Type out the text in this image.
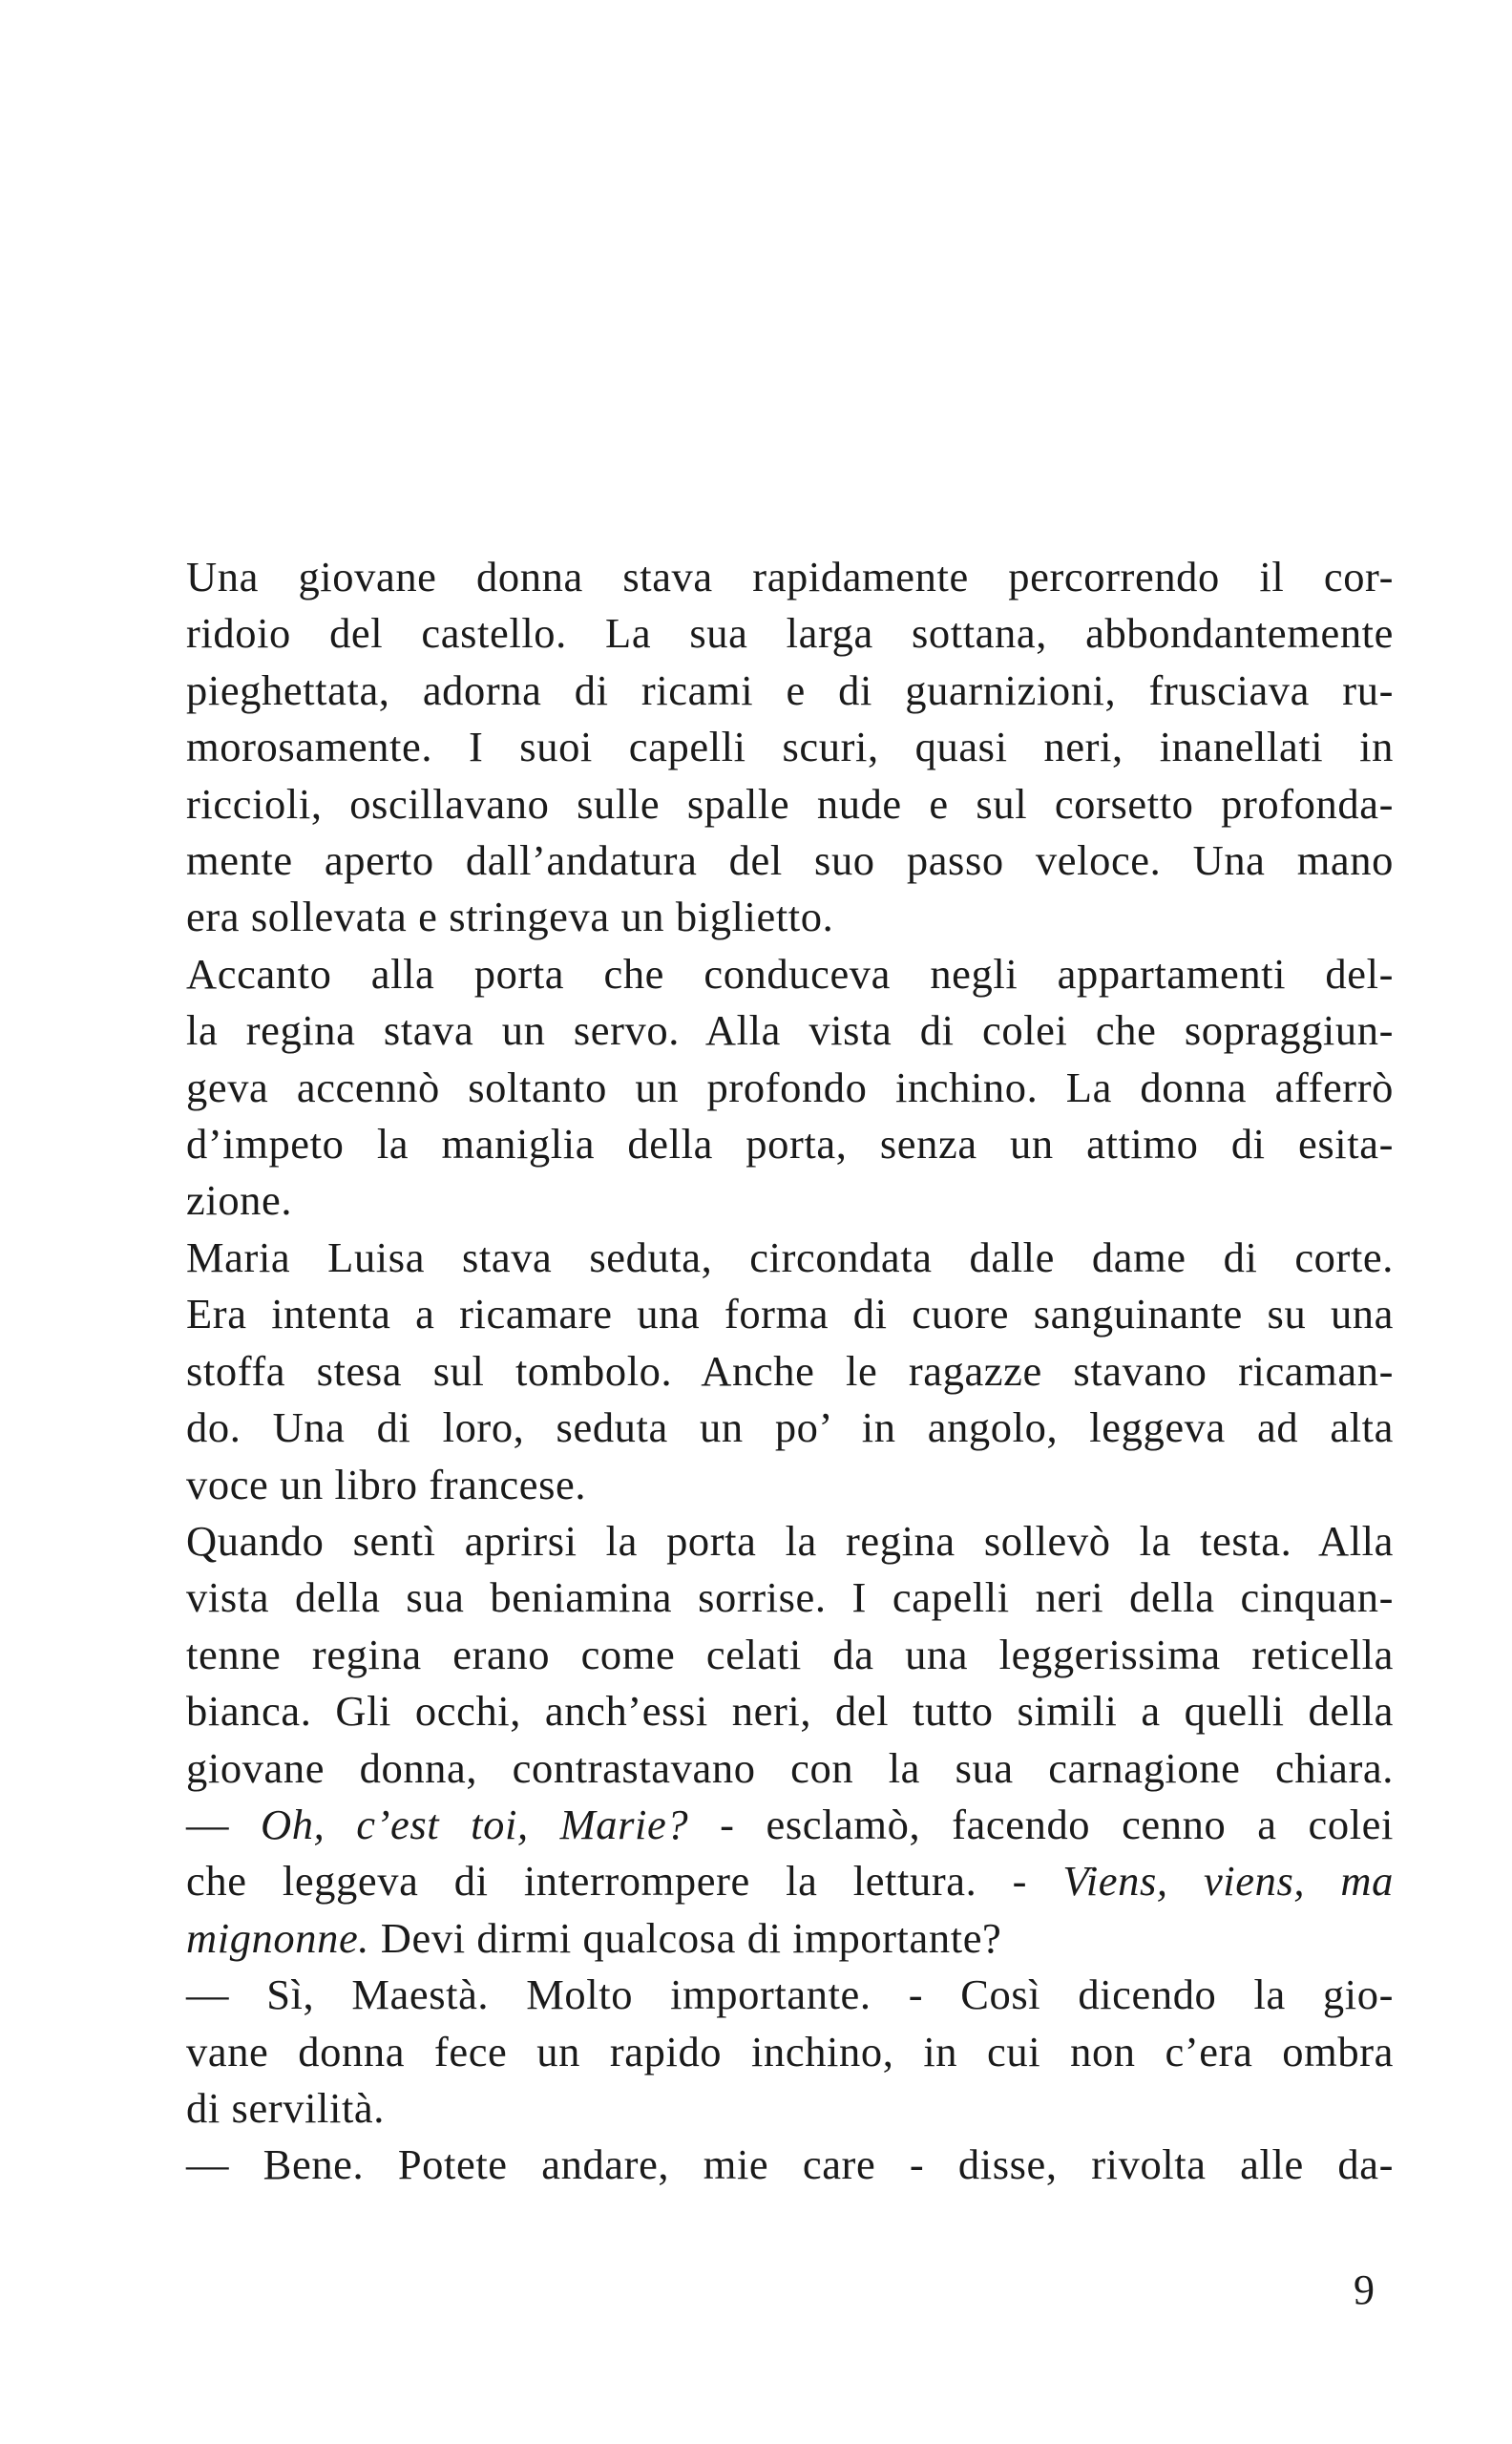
Una giovane donna stava rapidamente percorrendo il cor-
ridoio del castello. La sua larga sottana, abbondantemente
pieghettata, adorna di ricami e di guarnizioni, frusciava ru-
morosamente. I suoi capelli scuri, quasi neri, inanellati in
riccioli, oscillavano sulle spalle nude e sul corsetto profonda-
mente aperto dall’andatura del suo passo veloce. Una mano
era sollevata e stringeva un biglietto.
Accanto alla porta che conduceva negli appartamenti del-
la regina stava un servo. Alla vista di colei che sopraggiun-
geva accennò soltanto un profondo inchino. La donna afferrò
d’impeto la maniglia della porta, senza un attimo di esita-
zione.
Maria Luisa stava seduta, circondata dalle dame di corte.
Era intenta a ricamare una forma di cuore sanguinante su una
stoffa stesa sul tombolo. Anche le ragazze stavano ricaman-
do. Una di loro, seduta un po’ in angolo, leggeva ad alta
voce un libro francese.
Quando sentì aprirsi la porta la regina sollevò la testa. Alla
vista della sua beniamina sorrise. I capelli neri della cinquan-
tenne regina erano come celati da una leggerissima reticella
bianca. Gli occhi, anch’essi neri, del tutto simili a quelli della
giovane donna, contrastavano con la sua carnagione chiara.
— Oh, c’est toi, Marie? - esclamò, facendo cenno a colei
che leggeva di interrompere la lettura. - Viens, viens, ma
mignonne. Devi dirmi qualcosa di importante?
— Sì, Maestà. Molto importante. - Così dicendo la gio-
vane donna fece un rapido inchino, in cui non c’era ombra
di servilità.
— Bene. Potete andare, mie care - disse, rivolta alle da-
9
